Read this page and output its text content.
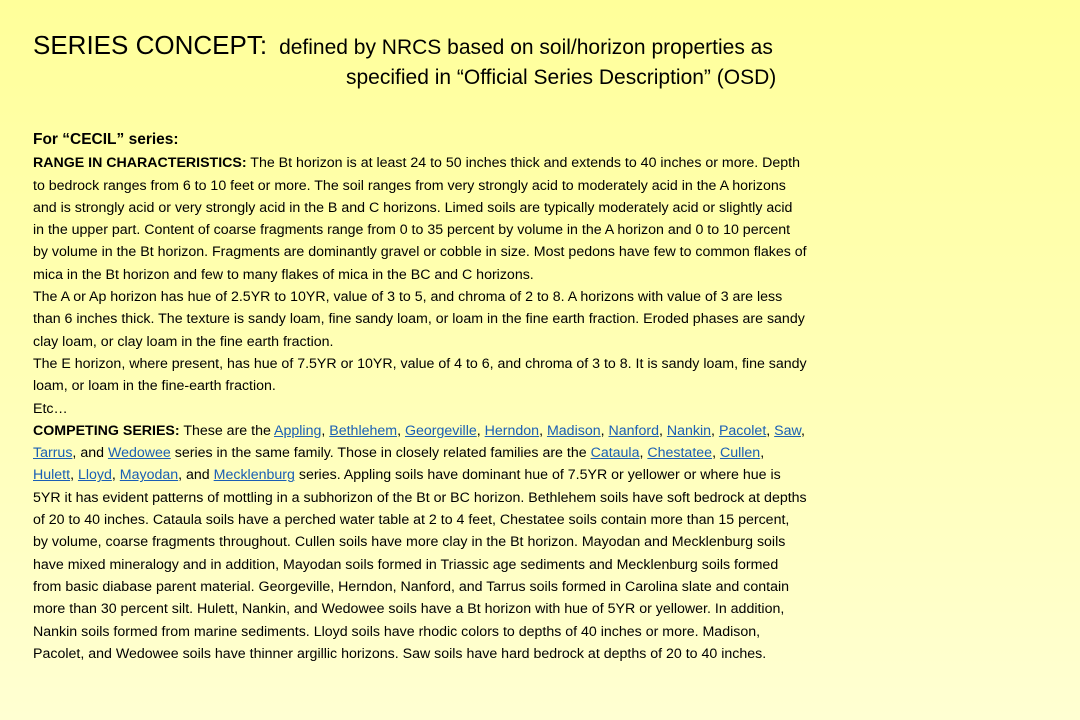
SERIES CONCEPT: defined by NRCS based on soil/horizon properties as
specified in “Official Series Description” (OSD)
For “CECIL” series:
RANGE IN CHARACTERISTICS: The Bt horizon is at least 24 to 50 inches thick and extends to 40 inches or more. Depth
to bedrock ranges from 6 to 10 feet or more. The soil ranges from very strongly acid to moderately acid in the A horizons
and is strongly acid or very strongly acid in the B and C horizons. Limed soils are typically moderately acid or slightly acid
in the upper part. Content of coarse fragments range from 0 to 35 percent by volume in the A horizon and 0 to 10 percent
by volume in the Bt horizon. Fragments are dominantly gravel or cobble in size. Most pedons have few to common flakes of
mica in the Bt horizon and few to many flakes of mica in the BC and C horizons.
The A or Ap horizon has hue of 2.5YR to 10YR, value of 3 to 5, and chroma of 2 to 8. A horizons with value of 3 are less
than 6 inches thick. The texture is sandy loam, fine sandy loam, or loam in the fine earth fraction. Eroded phases are sandy
clay loam, or clay loam in the fine earth fraction.
The E horizon, where present, has hue of 7.5YR or 10YR, value of 4 to 6, and chroma of 3 to 8. It is sandy loam, fine sandy
loam, or loam in the fine-earth fraction.
Etc…
COMPETING SERIES: These are the Appling, Bethlehem, Georgeville, Herndon, Madison, Nanford, Nankin, Pacolet, Saw,
Tarrus, and Wedowee series in the same family. Those in closely related families are the Cataula, Chestatee, Cullen,
Hulett, Lloyd, Mayodan, and Mecklenburg series. Appling soils have dominant hue of 7.5YR or yellower or where hue is
5YR it has evident patterns of mottling in a subhorizon of the Bt or BC horizon. Bethlehem soils have soft bedrock at depths
of 20 to 40 inches. Cataula soils have a perched water table at 2 to 4 feet, Chestatee soils contain more than 15 percent,
by volume, coarse fragments throughout. Cullen soils have more clay in the Bt horizon. Mayodan and Mecklenburg soils
have mixed mineralogy and in addition, Mayodan soils formed in Triassic age sediments and Mecklenburg soils formed
from basic diabase parent material. Georgeville, Herndon, Nanford, and Tarrus soils formed in Carolina slate and contain
more than 30 percent silt. Hulett, Nankin, and Wedowee soils have a Bt horizon with hue of 5YR or yellower. In addition,
Nankin soils formed from marine sediments. Lloyd soils have rhodic colors to depths of 40 inches or more. Madison,
Pacolet, and Wedowee soils have thinner argillic horizons. Saw soils have hard bedrock at depths of 20 to 40 inches.
